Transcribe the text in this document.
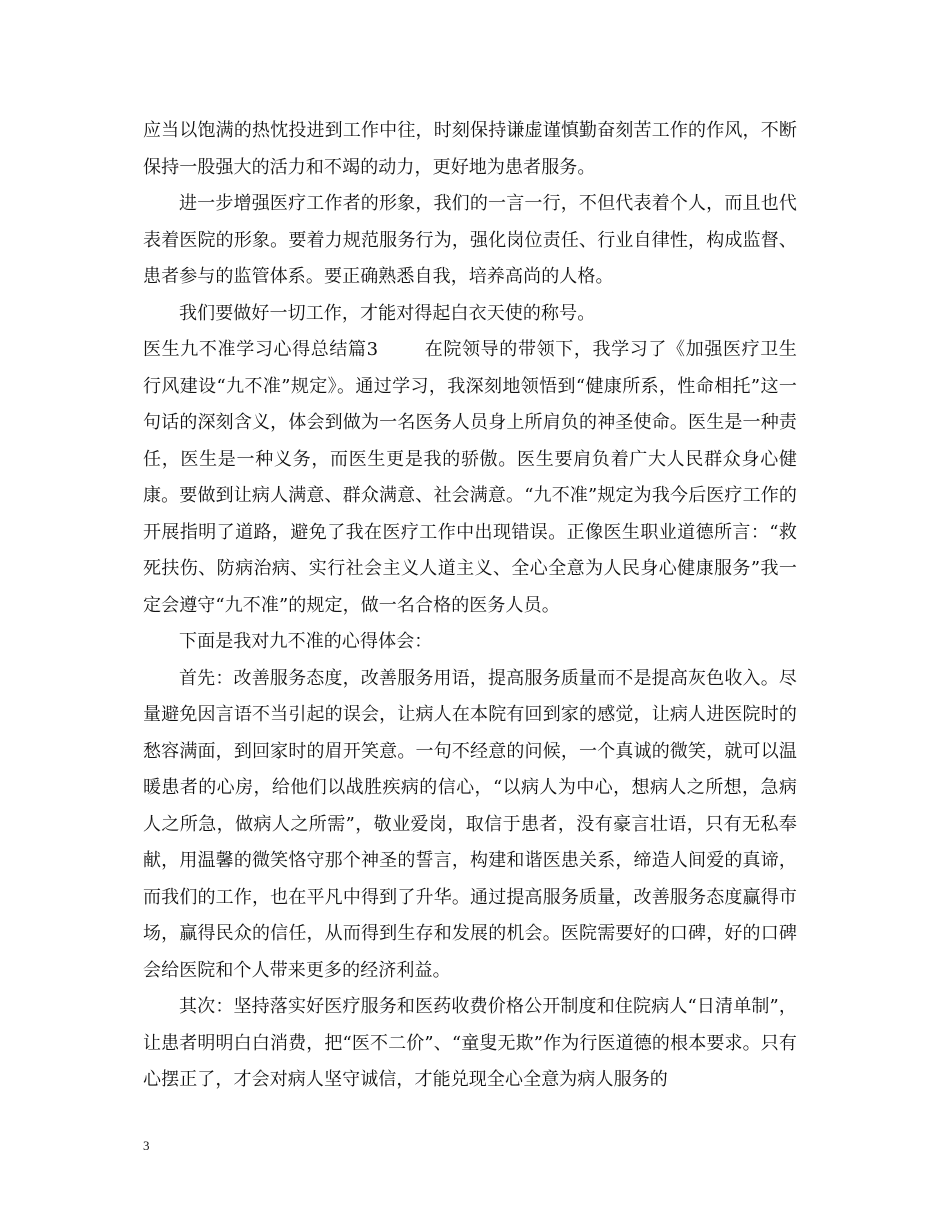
应当以饱满的热忱投进到工作中往，时刻保持谦虚谨慎勤奋刻苦工作的作风，不断保持一股强大的活力和不竭的动力，更好地为患者服务。

进一步增强医疗工作者的形象，我们的一言一行，不但代表着个人，而且也代表着医院的形象。要着力规范服务行为，强化岗位责任、行业自律性，构成监督、患者参与的监管体系。要正确熟悉自我，培养高尚的人格。

我们要做好一切工作，才能对得起白衣天使的称号。

医生九不准学习心得总结篇3	在院领导的带领下，我学习了《加强医疗卫生行风建设“九不准”规定》。通过学习，我深刻地领悟到“健康所系，性命相托”这一句话的深刻含义，体会到做为一名医务人员身上所肩负的神圣使命。医生是一种责任，医生是一种义务，而医生更是我的骄傲。医生要肩负着广大人民群众身心健康。要做到让病人满意、群众满意、社会满意。“九不准”规定为我今后医疗工作的开展指明了道路，避免了我在医疗工作中出现错误。正像医生职业道德所言：“救死扶伤、防病治病、实行社会主义人道主义、全心全意为人民身心健康服务”我一定会遵守“九不准”的规定，做一名合格的医务人员。

下面是我对九不准的心得体会：

首先：改善服务态度，改善服务用语，提高服务质量而不是提高灰色收入。尽量避免因言语不当引起的误会，让病人在本院有回到家的感觉，让病人进医院时的愁容满面，到回家时的眉开笑意。一句不经意的问候，一个真诚的微笑，就可以温暖患者的心房，给他们以战胜疾病的信心，“以病人为中心，想病人之所想，急病人之所急，做病人之所需”，敬业爱岗，取信于患者，没有豪言壮语，只有无私奉献，用温馨的微笑恪守那个神圣的誓言，构建和谐医患关系，缔造人间爱的真谛，而我们的工作，也在平凡中得到了升华。通过提高服务质量，改善服务态度赢得市场，赢得民众的信任，从而得到生存和发展的机会。医院需要好的口碑，好的口碑会给医院和个人带来更多的经济利益。

其次：坚持落实好医疗服务和医药收费价格公开制度和住院病人“日清单制”，让患者明明白白消费，把“医不二价”、“童叟无欺”作为行医道德的根本要求。只有心摆正了，才会对病人坚守诚信，才能兑现全心全意为病人服务的

3
